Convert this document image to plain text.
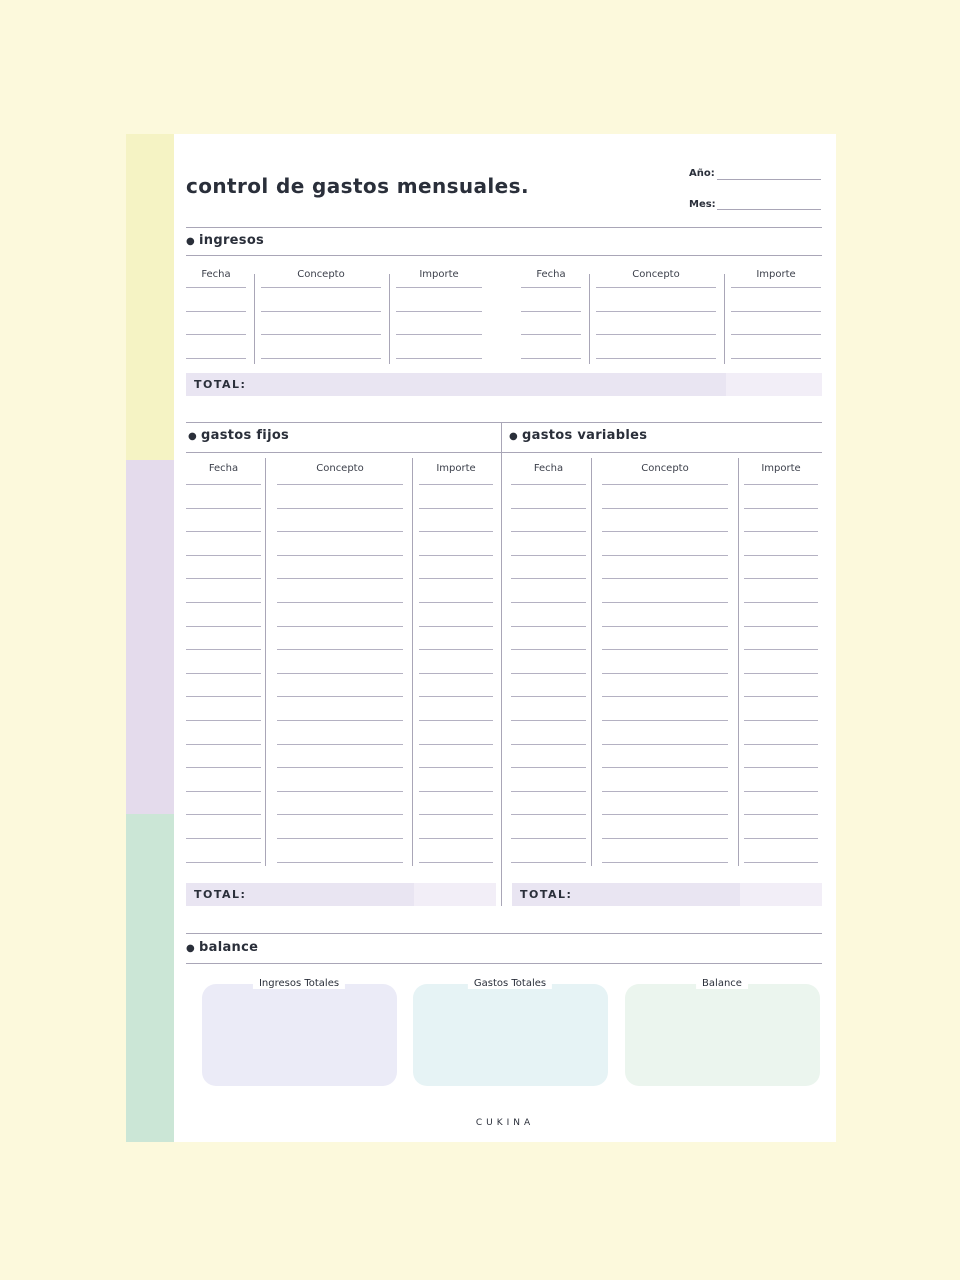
control de gastos mensuales.
Año:
Mes:
● ingresos
Fecha	Concepto	Importe	Fecha	Concepto	Importe
TOTAL:
● gastos fijos	● gastos variables
Fecha	Concepto	Importe	Fecha	Concepto	Importe
TOTAL:	TOTAL:
● balance
Ingresos Totales	Gastos Totales	Balance
CUKINA
